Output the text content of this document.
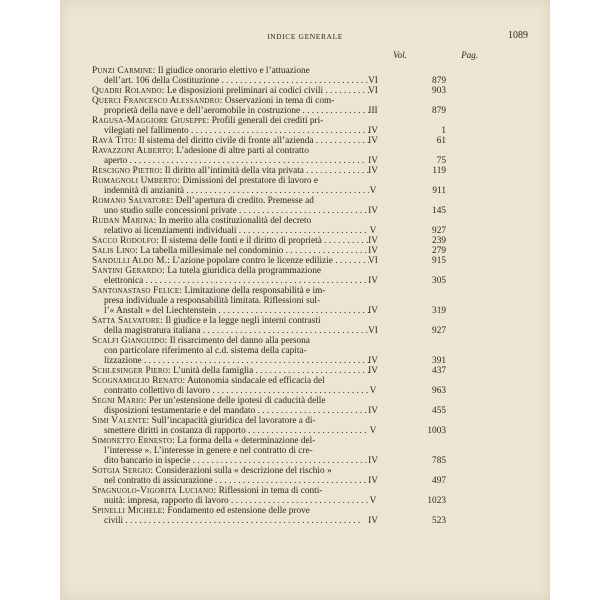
INDICE GENERALE	1089
Vol.	Pag.
Punzi Carmine: Il giudice onorario elettivo e l’attuazione
dell’art. 106 della Costituzione . . .	VI	879
Quadri Rolando: Le disposizioni preliminari ai codici civili . . .	VI	903
Querci Francesco Alessandro: Osservazioni in tema di com-
proprietà della nave e dell’aeromobile in costruzione . . .	III	879
Ragusa-Maggiore Giuseppe: Profili generali dei crediti pri-
vilegiati nel fallimento . . .	IV	1
Ravà Tito: Il sistema del diritto civile di fronte all’azienda . . .	IV	61
Ravazzoni Alberto: L’adesione di altre parti al contratto
aperto . . .	IV	75
Rescigno Pietro: Il diritto all’intimità della vita privata . . .	IV	119
Romagnoli Umberto: Dimissioni del prestatore di lavoro e
indennità di anzianità . . .	V	911
Romano Salvatore: Dell’apertura di credito. Premesse ad
uno studio sulle concessioni private . . .	IV	145
Rudan Marina: In merito alla costituzionalità del decreto
relativo ai licenziamenti individuali . . .	V	927
Sacco Rodolfo: Il sistema delle fonti e il diritto di proprietà . . .	IV	239
Salis Lino: La tabella millesimale nel condominio . . .	IV	279
Sandulli Aldo M.: L’azione popolare contro le licenze edilizie . . .	VI	915
Santini Gerardo: La tutela giuridica della programmazione
elettronica . . .	IV	305
Santonastaso Felice: Limitazione della responsabilità e im-
presa individuale a responsabilità limitata. Riflessioni sul-
l’« Anstalt » del Liechtenstein . . .	IV	319
Satta Salvatore: Il giudice e la legge negli interni contrasti
della magistratura italiana . . .	VI	927
Scalfi Gianguido: Il risarcimento del danno alla persona
con particolare riferimento al c.d. sistema della capita-
lizzazione . . .	IV	391
Schlesinger Piero: L’unità della famiglia . . .	IV	437
Scognamiglio Renato: Autonomia sindacale ed efficacia del
contratto collettivo di lavoro . . .	V	963
Segni Mario: Per un’estensione delle ipotesi di caducità delle
disposizioni testamentarie e del mandato . . .	IV	455
Simi Valente: Sull’incapacità giuridica del lavoratore a di-
smettere diritti in costanza di rapporto . . .	V	1003
Simonetto Ernesto: La forma della « determinazione del-
l’interesse ». L’interesse in genere e nel contratto di cre-
dito bancario in ispecie . . .	IV	785
Sotgia Sergio: Considerazioni sulla « descrizione del rischio »
nel contratto di assicurazione . . .	IV	497
Spagnuolo-Vigorita Luciano: Riflessioni in tema di conti-
nuità: impresa, rapporto di lavoro . . .	V	1023
Spinelli Michele: Fondamento ed estensione delle prove
civili . . .	IV	523
